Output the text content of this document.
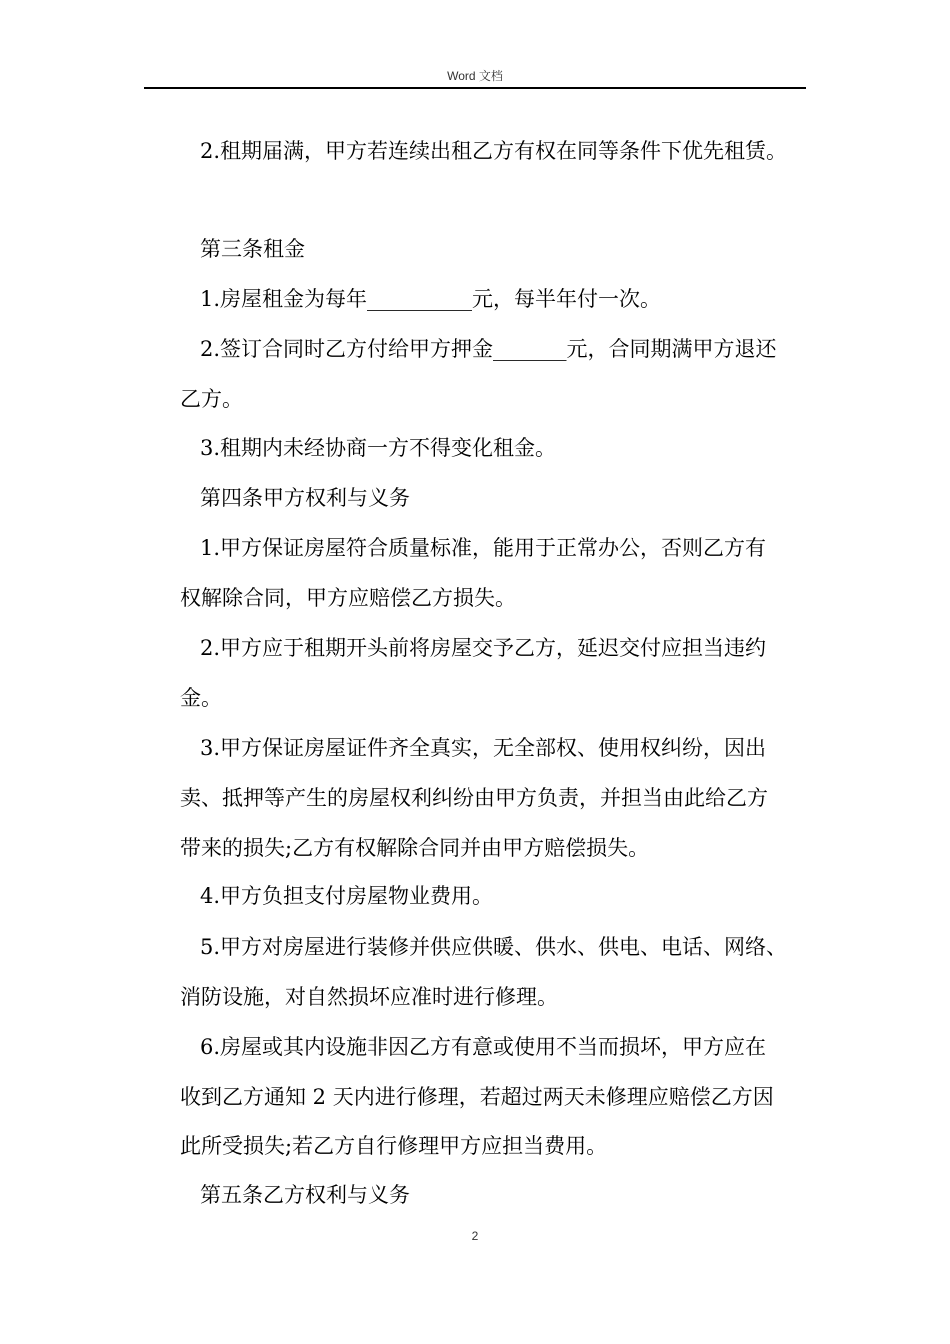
Word 文档
2.租期届满，甲方若连续出租乙方有权在同等条件下优先租赁。
第三条租金
1.房屋租金为每年__________元，每半年付一次。
2.签订合同时乙方付给甲方押金_______元，合同期满甲方退还
乙方。
3.租期内未经协商一方不得变化租金。
第四条甲方权利与义务
1.甲方保证房屋符合质量标准，能用于正常办公，否则乙方有
权解除合同，甲方应赔偿乙方损失。
2.甲方应于租期开头前将房屋交予乙方，延迟交付应担当违约
金。
3.甲方保证房屋证件齐全真实，无全部权、使用权纠纷，因出
卖、抵押等产生的房屋权利纠纷由甲方负责，并担当由此给乙方
带来的损失;乙方有权解除合同并由甲方赔偿损失。
4.甲方负担支付房屋物业费用。
5.甲方对房屋进行装修并供应供暖、供水、供电、电话、网络、
消防设施，对自然损坏应准时进行修理。
6.房屋或其内设施非因乙方有意或使用不当而损坏，甲方应在
收到乙方通知 2 天内进行修理，若超过两天未修理应赔偿乙方因
此所受损失;若乙方自行修理甲方应担当费用。
第五条乙方权利与义务
2
